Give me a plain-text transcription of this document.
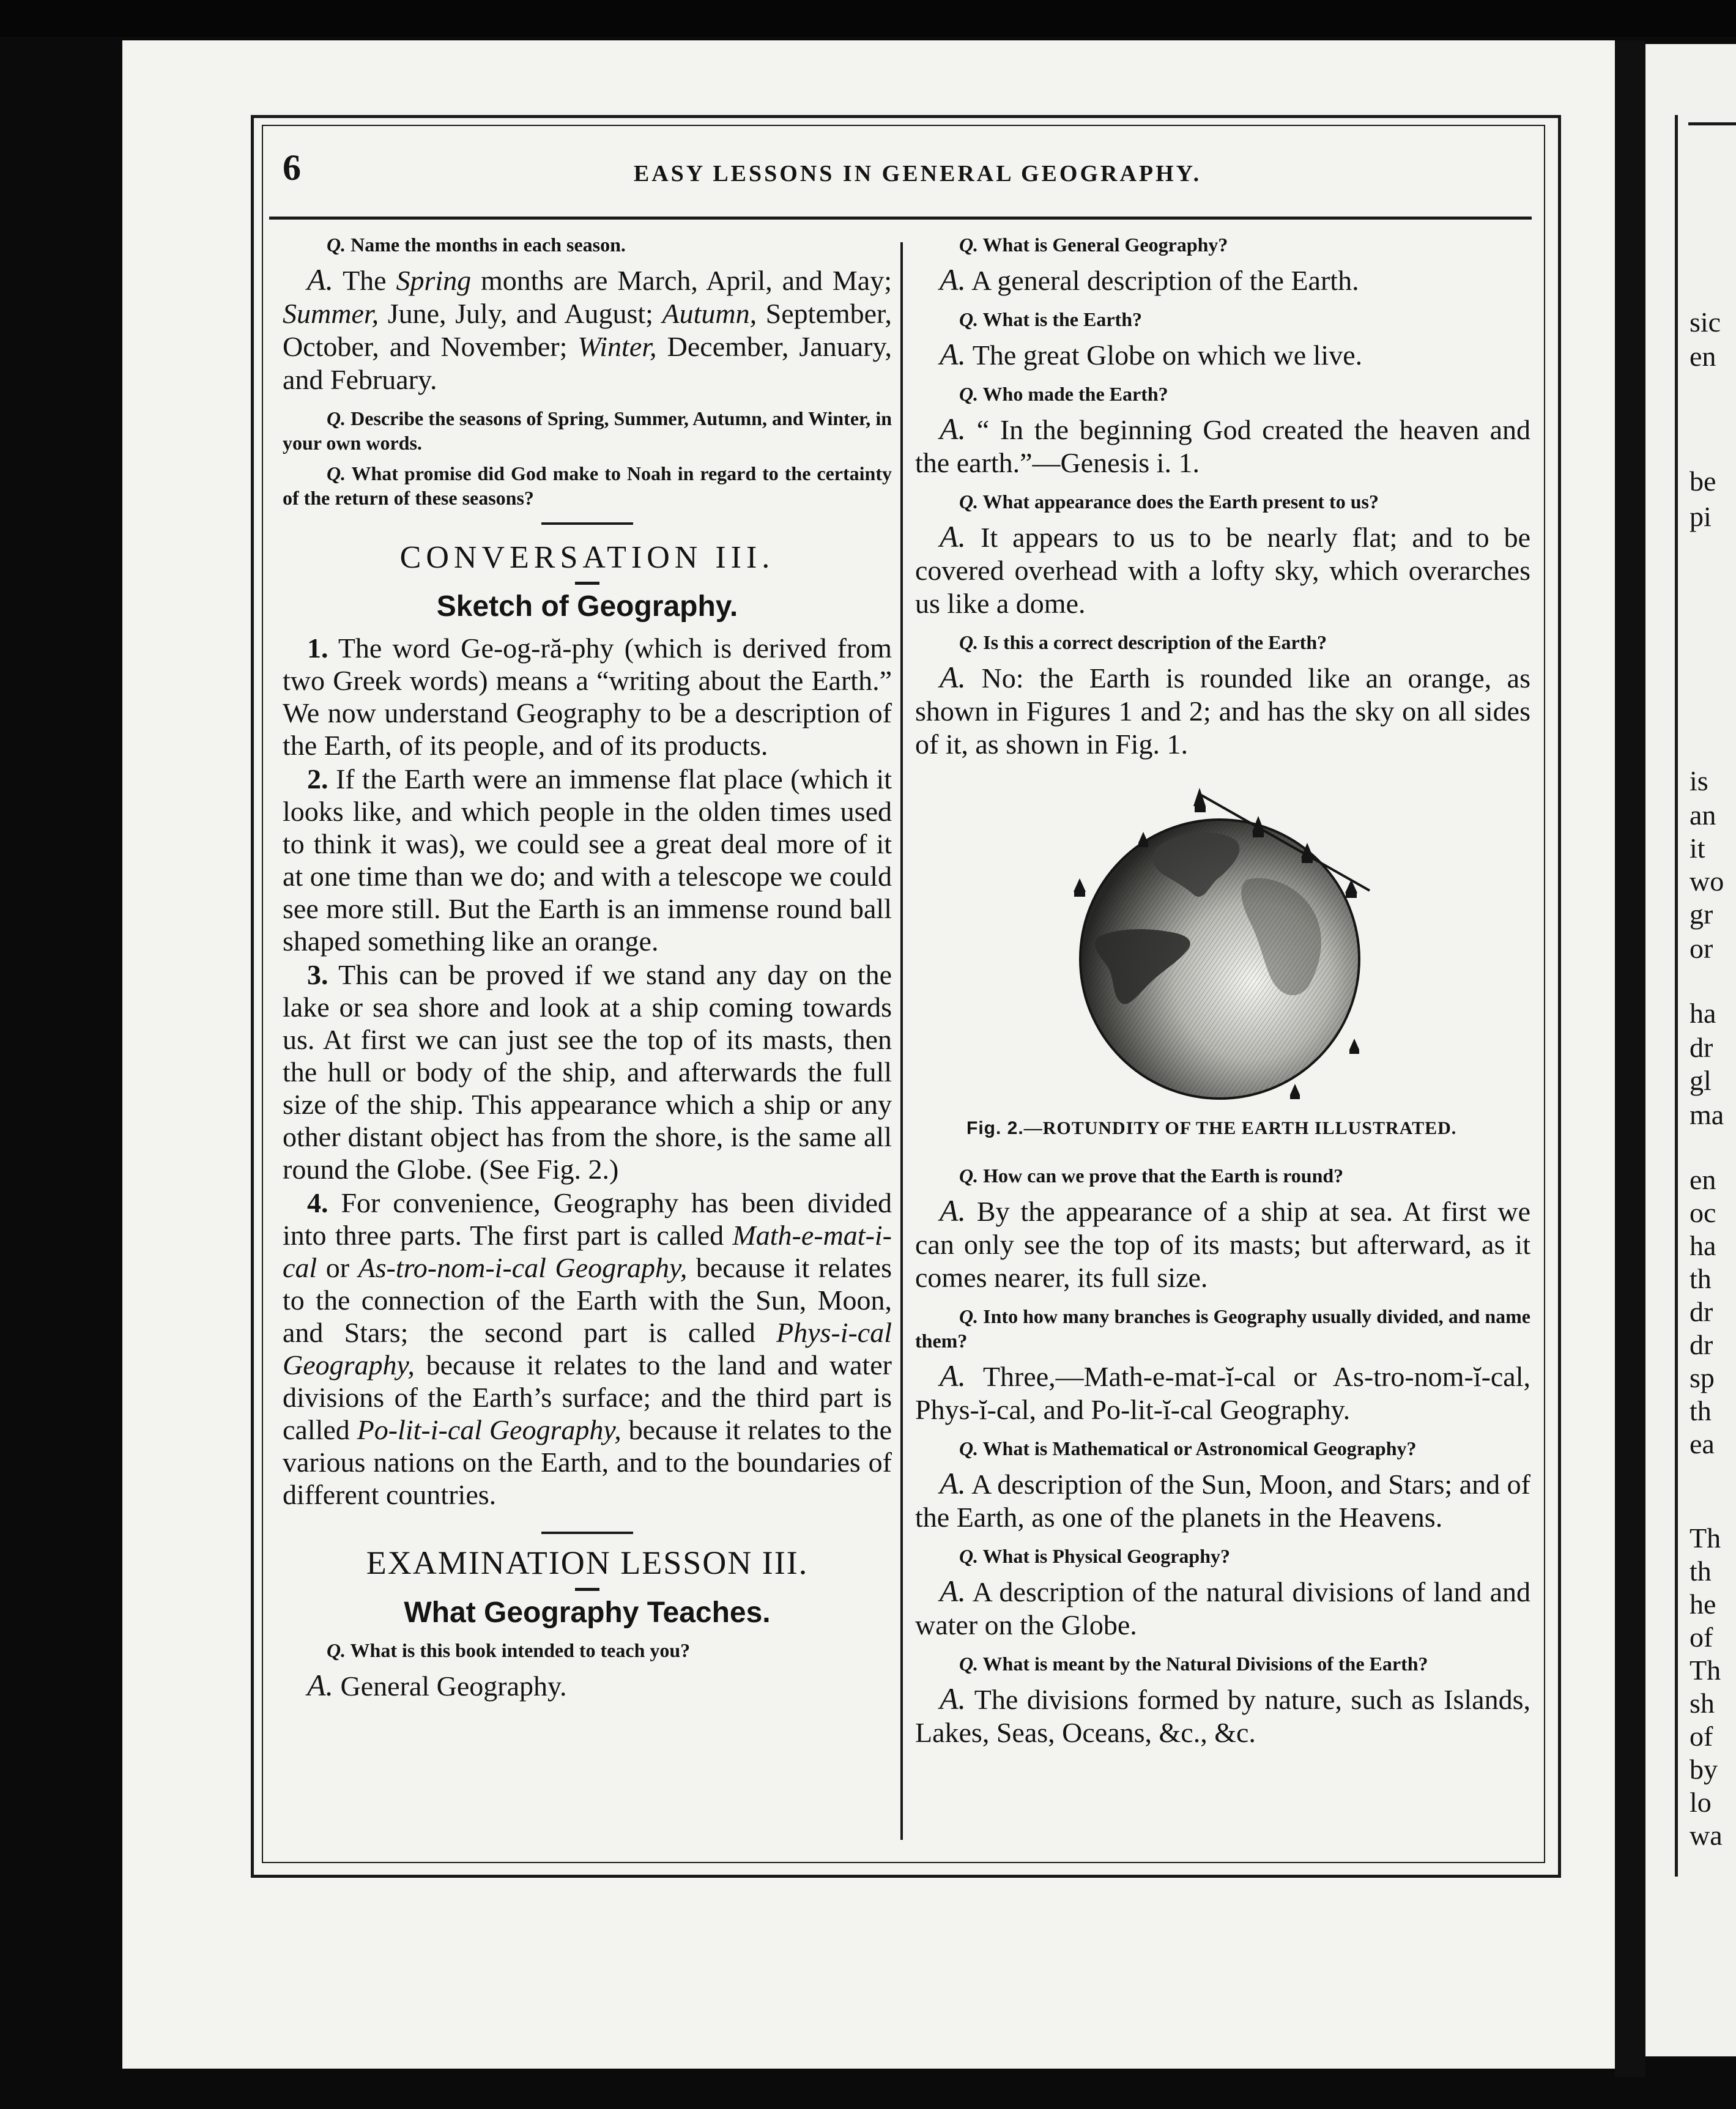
6	EASY LESSONS IN GENERAL GEOGRAPHY.

Q. Name the months in each season.

A. The Spring months are March, April, and May; Summer, June, July, and August; Autumn, September, October, and November; Winter, December, January, and February.

Q. Describe the seasons of Spring, Summer, Autumn, and Winter, in your own words.

Q. What promise did God make to Noah in regard to the certainty of the return of these seasons?

CONVERSATION III.
Sketch of Geography.

1. The word Ge-og-ră-phy (which is derived from two Greek words) means a “writing about the Earth.” We now understand Geography to be a description of the Earth, of its people, and of its products.

2. If the Earth were an immense flat place (which it looks like, and which people in the olden times used to think it was), we could see a great deal more of it at one time than we do; and with a telescope we could see more still. But the Earth is an immense round ball shaped something like an orange.

3. This can be proved if we stand any day on the lake or sea shore and look at a ship coming towards us. At first we can just see the top of its masts, then the hull or body of the ship, and afterwards the full size of the ship. This appearance which a ship or any other distant object has from the shore, is the same all round the Globe. (See Fig. 2.)

4. For convenience, Geography has been divided into three parts. The first part is called Math-e-mat-i-cal or As-tro-nom-i-cal Geography, because it relates to the connection of the Earth with the Sun, Moon, and Stars; the second part is called Phys-i-cal Geography, because it relates to the land and water divisions of the Earth’s surface; and the third part is called Po-lit-i-cal Geography, because it relates to the various nations on the Earth, and to the boundaries of different countries.

EXAMINATION LESSON III.
What Geography Teaches.

Q. What is this book intended to teach you?

A. General Geography.

Q. What is General Geography?

A. A general description of the Earth.

Q. What is the Earth?

A. The great Globe on which we live.

Q. Who made the Earth?

A. “ In the beginning God created the heaven and the earth.”—Genesis i. 1.

Q. What appearance does the Earth present to us?

A. It appears to us to be nearly flat; and to be covered overhead with a lofty sky, which overarches us like a dome.

Q. Is this a correct description of the Earth?

A. No: the Earth is rounded like an orange, as shown in Figures 1 and 2; and has the sky on all sides of it, as shown in Fig. 1.

Fig. 2.—ROTUNDITY OF THE EARTH ILLUSTRATED.

Q. How can we prove that the Earth is round?

A. By the appearance of a ship at sea. At first we can only see the top of its masts; but afterward, as it comes nearer, its full size.

Q. Into how many branches is Geography usually divided, and name them?

A. Three,—Math-e-mat-ĭ-cal or As-tro-nom-ĭ-cal, Phys-ĭ-cal, and Po-lit-ĭ-cal Geography.

Q. What is Mathematical or Astronomical Geography?

A. A description of the Sun, Moon, and Stars; and of the Earth, as one of the planets in the Heavens.

Q. What is Physical Geography?

A. A description of the natural divisions of land and water on the Globe.

Q. What is meant by the Natural Divisions of the Earth?

A. The divisions formed by nature, such as Islands, Lakes, Seas, Oceans, &c., &c.

sic
en
be
pi
is
an
it
wo
gr
or
ha
dr
gl
ma
en
oc
ha
th
dr
dr
sp
th
ea
Th
th
he
of
Th
sh
of
by
lo
wa
